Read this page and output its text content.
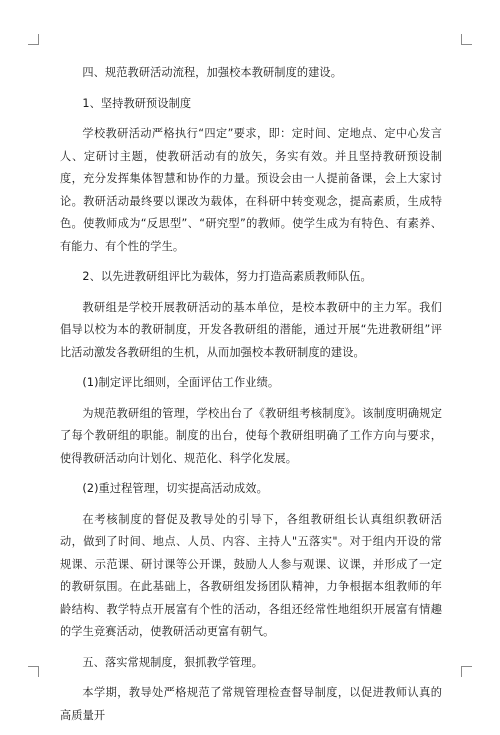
四、规范教研活动流程，加强校本教研制度的建设。

1、坚持教研预设制度

学校教研活动严格执行“四定”要求，即：定时间、定地点、定中心发言人、定研讨主题，使教研活动有的放矢，务实有效。并且坚持教研预设制度，充分发挥集体智慧和协作的力量。预设会由一人提前备课，会上大家讨论。教研活动最终要以课改为载体，在科研中转变观念，提高素质，生成特色。使教师成为“反思型”、“研究型”的教师。使学生成为有特色、有素养、有能力、有个性的学生。

2、以先进教研组评比为载体，努力打造高素质教师队伍。

教研组是学校开展教研活动的基本单位，是校本教研中的主力军。我们倡导以校为本的教研制度，开发各教研组的潜能，通过开展“先进教研组”评比活动激发各教研组的生机，从而加强校本教研制度的建设。

(1)制定评比细则，全面评估工作业绩。

为规范教研组的管理，学校出台了《教研组考核制度》。该制度明确规定了每个教研组的职能。制度的出台，使每个教研组明确了工作方向与要求，使得教研活动向计划化、规范化、科学化发展。

(2)重过程管理，切实提高活动成效。

在考核制度的督促及教导处的引导下，各组教研组长认真组织教研活动，做到了时间、地点、人员、内容、主持人"五落实"。对于组内开设的常规课、示范课、研讨课等公开课，鼓励人人参与观课、议课，并形成了一定的教研氛围。在此基础上，各教研组发扬团队精神，力争根据本组教师的年龄结构、教学特点开展富有个性的活动，各组还经常性地组织开展富有情趣的学生竞赛活动，使教研活动更富有朝气。

五、落实常规制度，狠抓教学管理。

本学期，教导处严格规范了常规管理检查督导制度，以促进教师认真的高质量开
